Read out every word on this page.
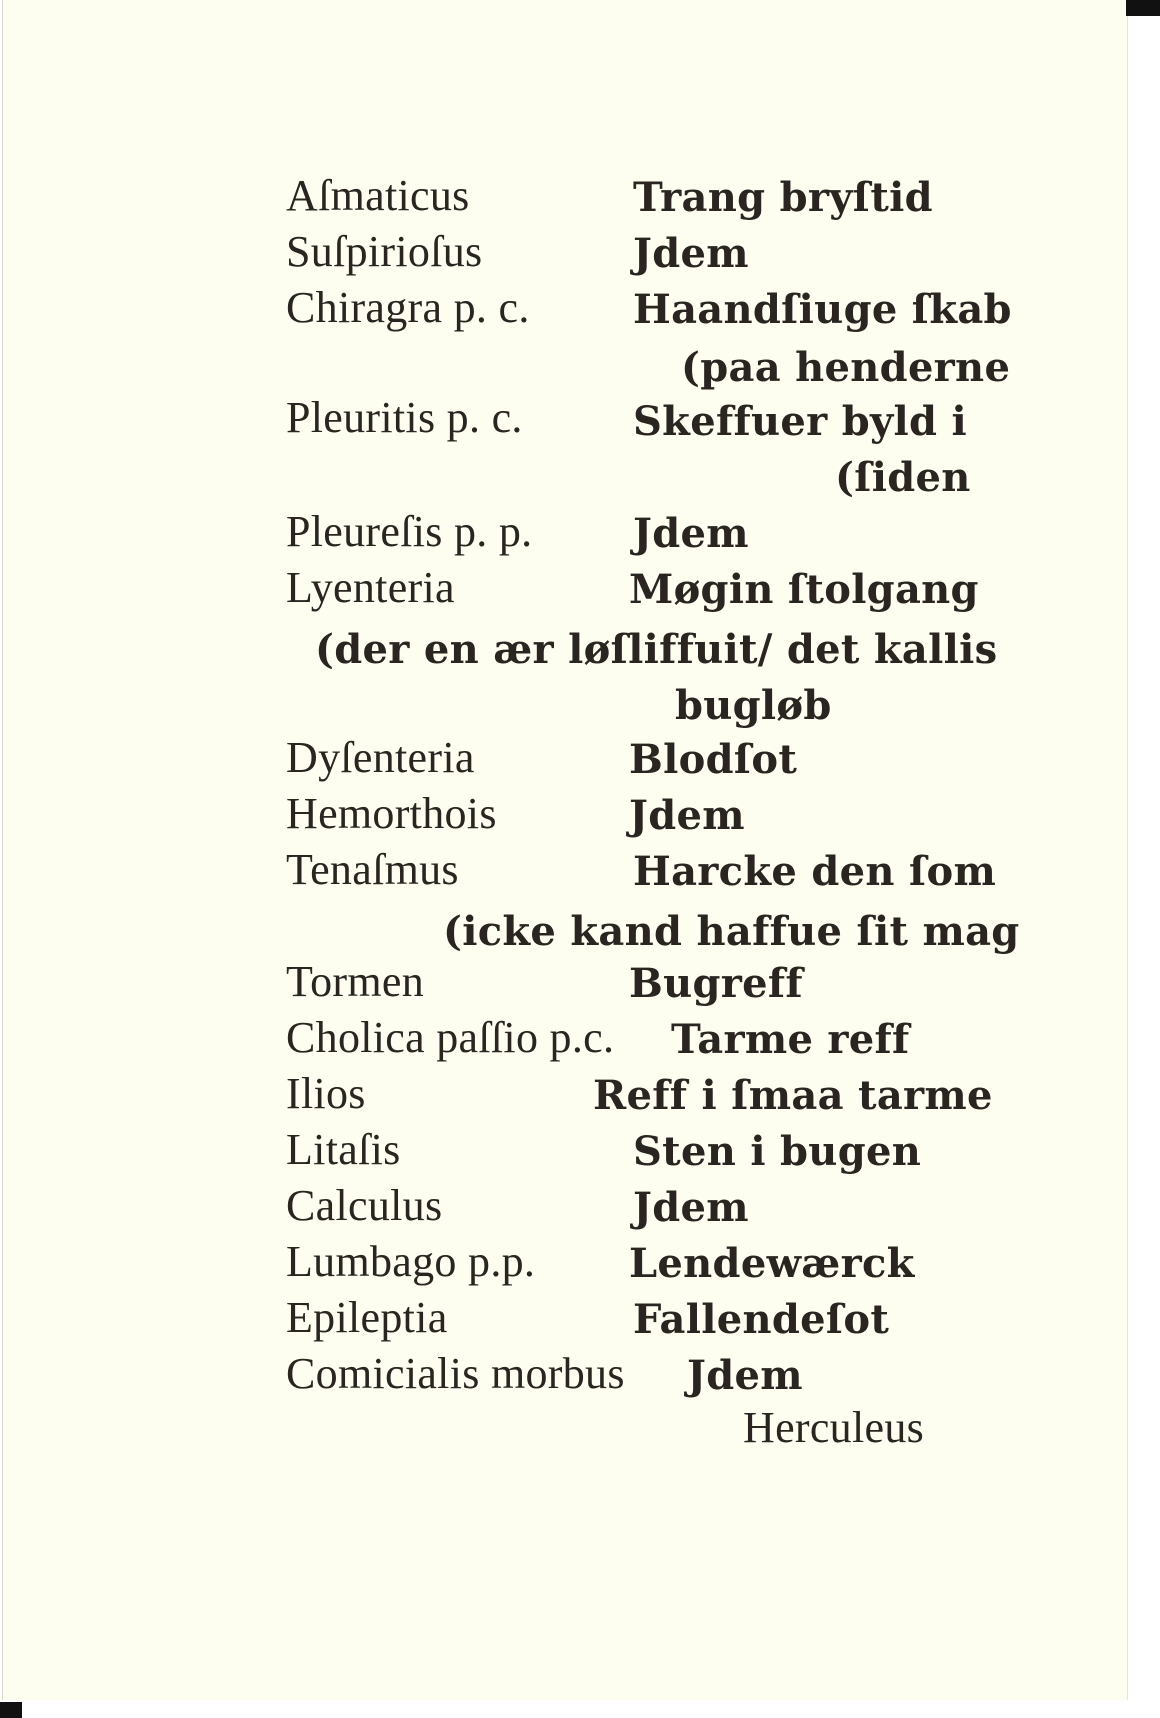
Aſmaticus	Trang bryſtid
Suſpirioſus	Jdem
Chiragra p. c.	Haandſiuge ſkab
(paa henderne
Pleuritis p. c.	Skeffuer byld i
(ſiden
Pleureſis p. p.	Jdem
Lyenteria	Møgin ſtolgang
(der en ær løſliffuit/ det kallis
bugløb
Dyſenteria	Blodſot
Hemorthois	Jdem
Tenaſmus	Harcke den ſom
(icke kand haffue ſit mag
Tormen	Bugreff
Cholica paſſio p.c. Tarme reff
Ilios	Reff i ſmaa tarme
Litaſis	Sten i bugen
Calculus	Jdem
Lumbago p.p. Lendewærck
Epileptia	Fallendeſot
Comicialis morbus Jdem
Herculeus
